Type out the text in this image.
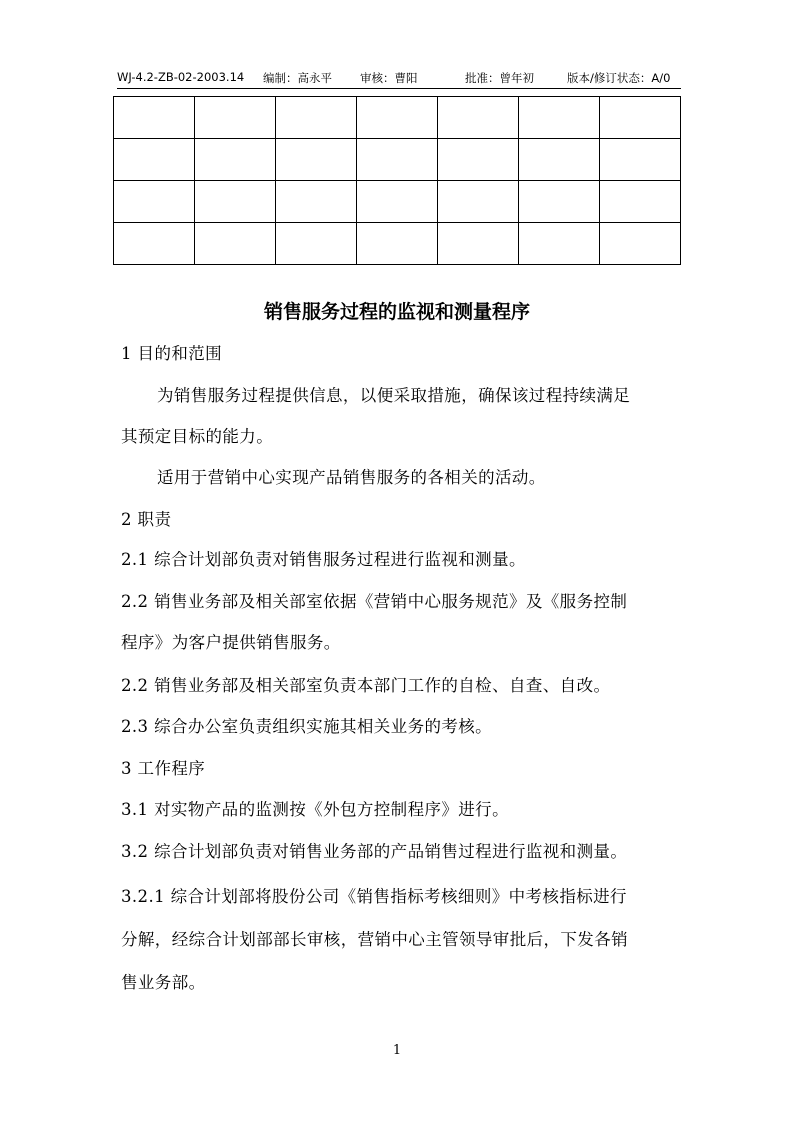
WJ-4.2-ZB-02-2003.14 编制：高永平 审核：曹阳	批准：曾年初	版本/修订状态：A/0

销售服务过程的监视和测量程序

1 目的和范围

为销售服务过程提供信息，以便采取措施，确保该过程持续满足

其预定目标的能力。

适用于营销中心实现产品销售服务的各相关的活动。

2 职责

2.1 综合计划部负责对销售服务过程进行监视和测量。

2.2 销售业务部及相关部室依据《营销中心服务规范》及《服务控制

程序》为客户提供销售服务。

2.2 销售业务部及相关部室负责本部门工作的自检、自查、自改。

2.3 综合办公室负责组织实施其相关业务的考核。

3 工作程序

3.1 对实物产品的监测按《外包方控制程序》进行。

3.2 综合计划部负责对销售业务部的产品销售过程进行监视和测量。

3.2.1 综合计划部将股份公司《销售指标考核细则》中考核指标进行

分解，经综合计划部部长审核，营销中心主管领导审批后，下发各销

售业务部。

1
